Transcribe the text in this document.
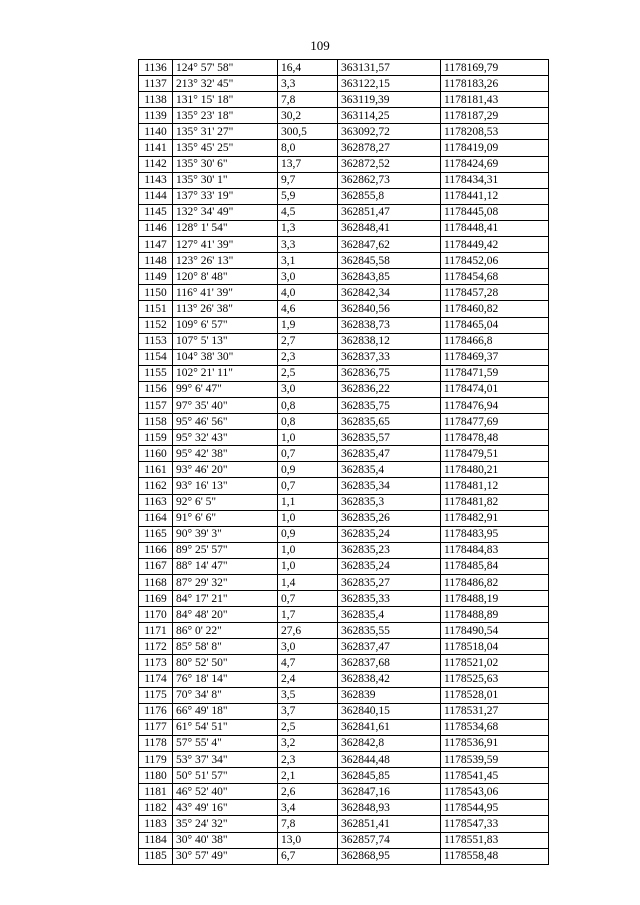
109
1136	124° 57' 58"	16,4	363131,57	1178169,79
1137	213° 32' 45"	3,3	363122,15	1178183,26
1138	131° 15' 18"	7,8	363119,39	1178181,43
1139	135° 23' 18"	30,2	363114,25	1178187,29
1140	135° 31' 27"	300,5	363092,72	1178208,53
1141	135° 45' 25"	8,0	362878,27	1178419,09
1142	135° 30' 6"	13,7	362872,52	1178424,69
1143	135° 30' 1"	9,7	362862,73	1178434,31
1144	137° 33' 19"	5,9	362855,8	1178441,12
1145	132° 34' 49"	4,5	362851,47	1178445,08
1146	128° 1' 54"	1,3	362848,41	1178448,41
1147	127° 41' 39"	3,3	362847,62	1178449,42
1148	123° 26' 13"	3,1	362845,58	1178452,06
1149	120° 8' 48"	3,0	362843,85	1178454,68
1150	116° 41' 39"	4,0	362842,34	1178457,28
1151	113° 26' 38"	4,6	362840,56	1178460,82
1152	109° 6' 57"	1,9	362838,73	1178465,04
1153	107° 5' 13"	2,7	362838,12	1178466,8
1154	104° 38' 30"	2,3	362837,33	1178469,37
1155	102° 21' 11"	2,5	362836,75	1178471,59
1156	99° 6' 47"	3,0	362836,22	1178474,01
1157	97° 35' 40"	0,8	362835,75	1178476,94
1158	95° 46' 56"	0,8	362835,65	1178477,69
1159	95° 32' 43"	1,0	362835,57	1178478,48
1160	95° 42' 38"	0,7	362835,47	1178479,51
1161	93° 46' 20"	0,9	362835,4	1178480,21
1162	93° 16' 13"	0,7	362835,34	1178481,12
1163	92° 6' 5"	1,1	362835,3	1178481,82
1164	91° 6' 6"	1,0	362835,26	1178482,91
1165	90° 39' 3"	0,9	362835,24	1178483,95
1166	89° 25' 57"	1,0	362835,23	1178484,83
1167	88° 14' 47"	1,0	362835,24	1178485,84
1168	87° 29' 32"	1,4	362835,27	1178486,82
1169	84° 17' 21"	0,7	362835,33	1178488,19
1170	84° 48' 20"	1,7	362835,4	1178488,89
1171	86° 0' 22"	27,6	362835,55	1178490,54
1172	85° 58' 8"	3,0	362837,47	1178518,04
1173	80° 52' 50"	4,7	362837,68	1178521,02
1174	76° 18' 14"	2,4	362838,42	1178525,63
1175	70° 34' 8"	3,5	362839	1178528,01
1176	66° 49' 18"	3,7	362840,15	1178531,27
1177	61° 54' 51"	2,5	362841,61	1178534,68
1178	57° 55' 4"	3,2	362842,8	1178536,91
1179	53° 37' 34"	2,3	362844,48	1178539,59
1180	50° 51' 57"	2,1	362845,85	1178541,45
1181	46° 52' 40"	2,6	362847,16	1178543,06
1182	43° 49' 16"	3,4	362848,93	1178544,95
1183	35° 24' 32"	7,8	362851,41	1178547,33
1184	30° 40' 38"	13,0	362857,74	1178551,83
1185	30° 57' 49"	6,7	362868,95	1178558,48
